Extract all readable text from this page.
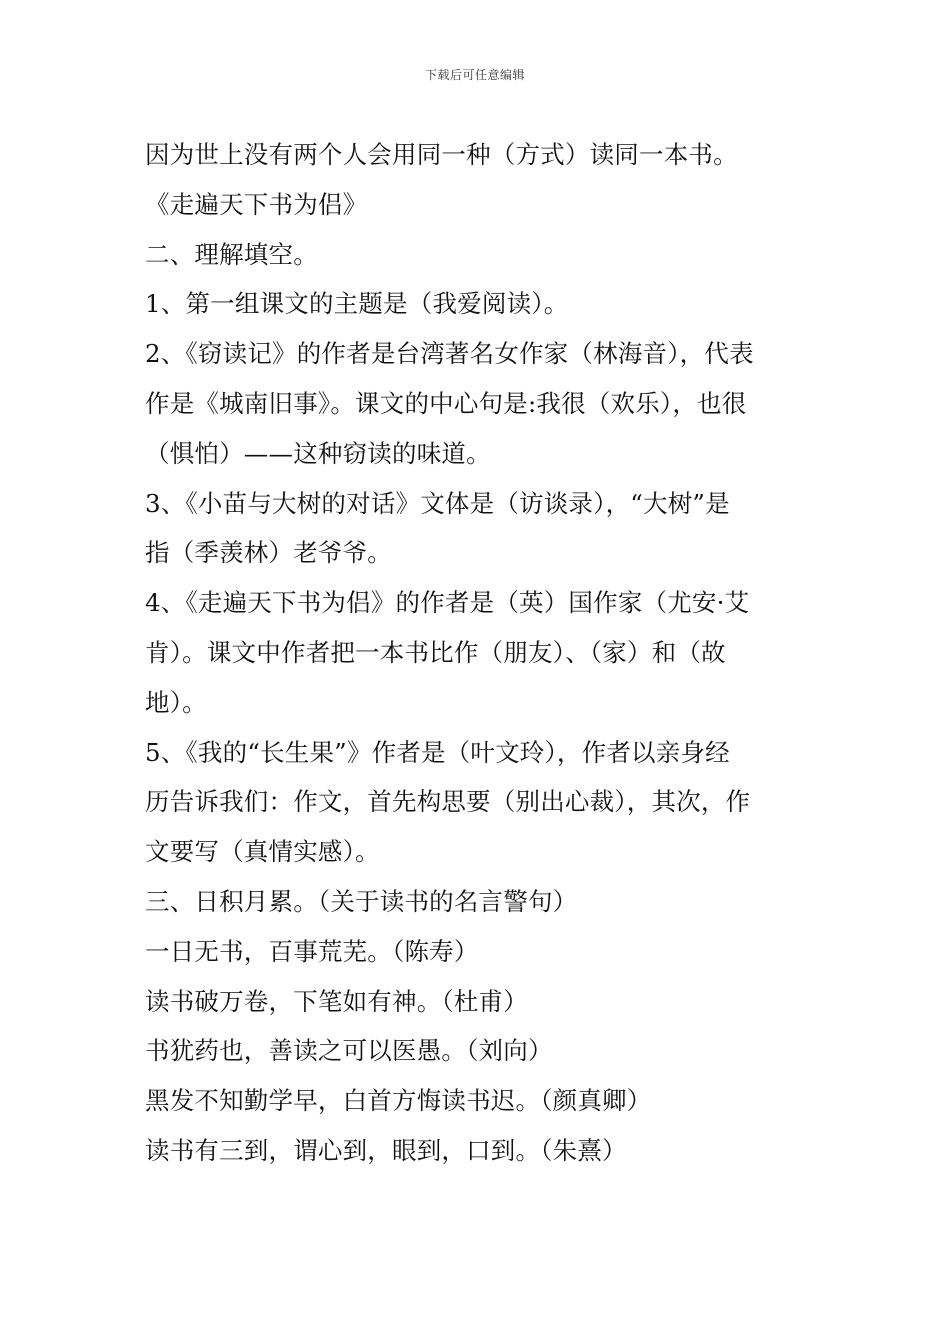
下载后可任意编辑
因为世上没有两个人会用同一种（方式）读同一本书。
《走遍天下书为侣》
二、理解填空。
1、第一组课文的主题是（我爱阅读）。
2、《窃读记》的作者是台湾著名女作家（林海音），代表
作是《城南旧事》。课文的中心句是:我很（欢乐），也很
（惧怕）——这种窃读的味道。
3、《小苗与大树的对话》文体是（访谈录），“大树”是
指（季羡林）老爷爷。
4、《走遍天下书为侣》的作者是（英）国作家（尤安·艾
肯）。课文中作者把一本书比作（朋友）、（家）和（故
地）。
5、《我的“长生果”》作者是（叶文玲），作者以亲身经
历告诉我们：作文，首先构思要（别出心裁），其次，作
文要写（真情实感）。
三、日积月累。（关于读书的名言警句）
一日无书，百事荒芜。（陈寿）
读书破万卷，下笔如有神。（杜甫）
书犹药也，善读之可以医愚。（刘向）
黑发不知勤学早，白首方悔读书迟。（颜真卿）
读书有三到，谓心到，眼到，口到。（朱熹）
